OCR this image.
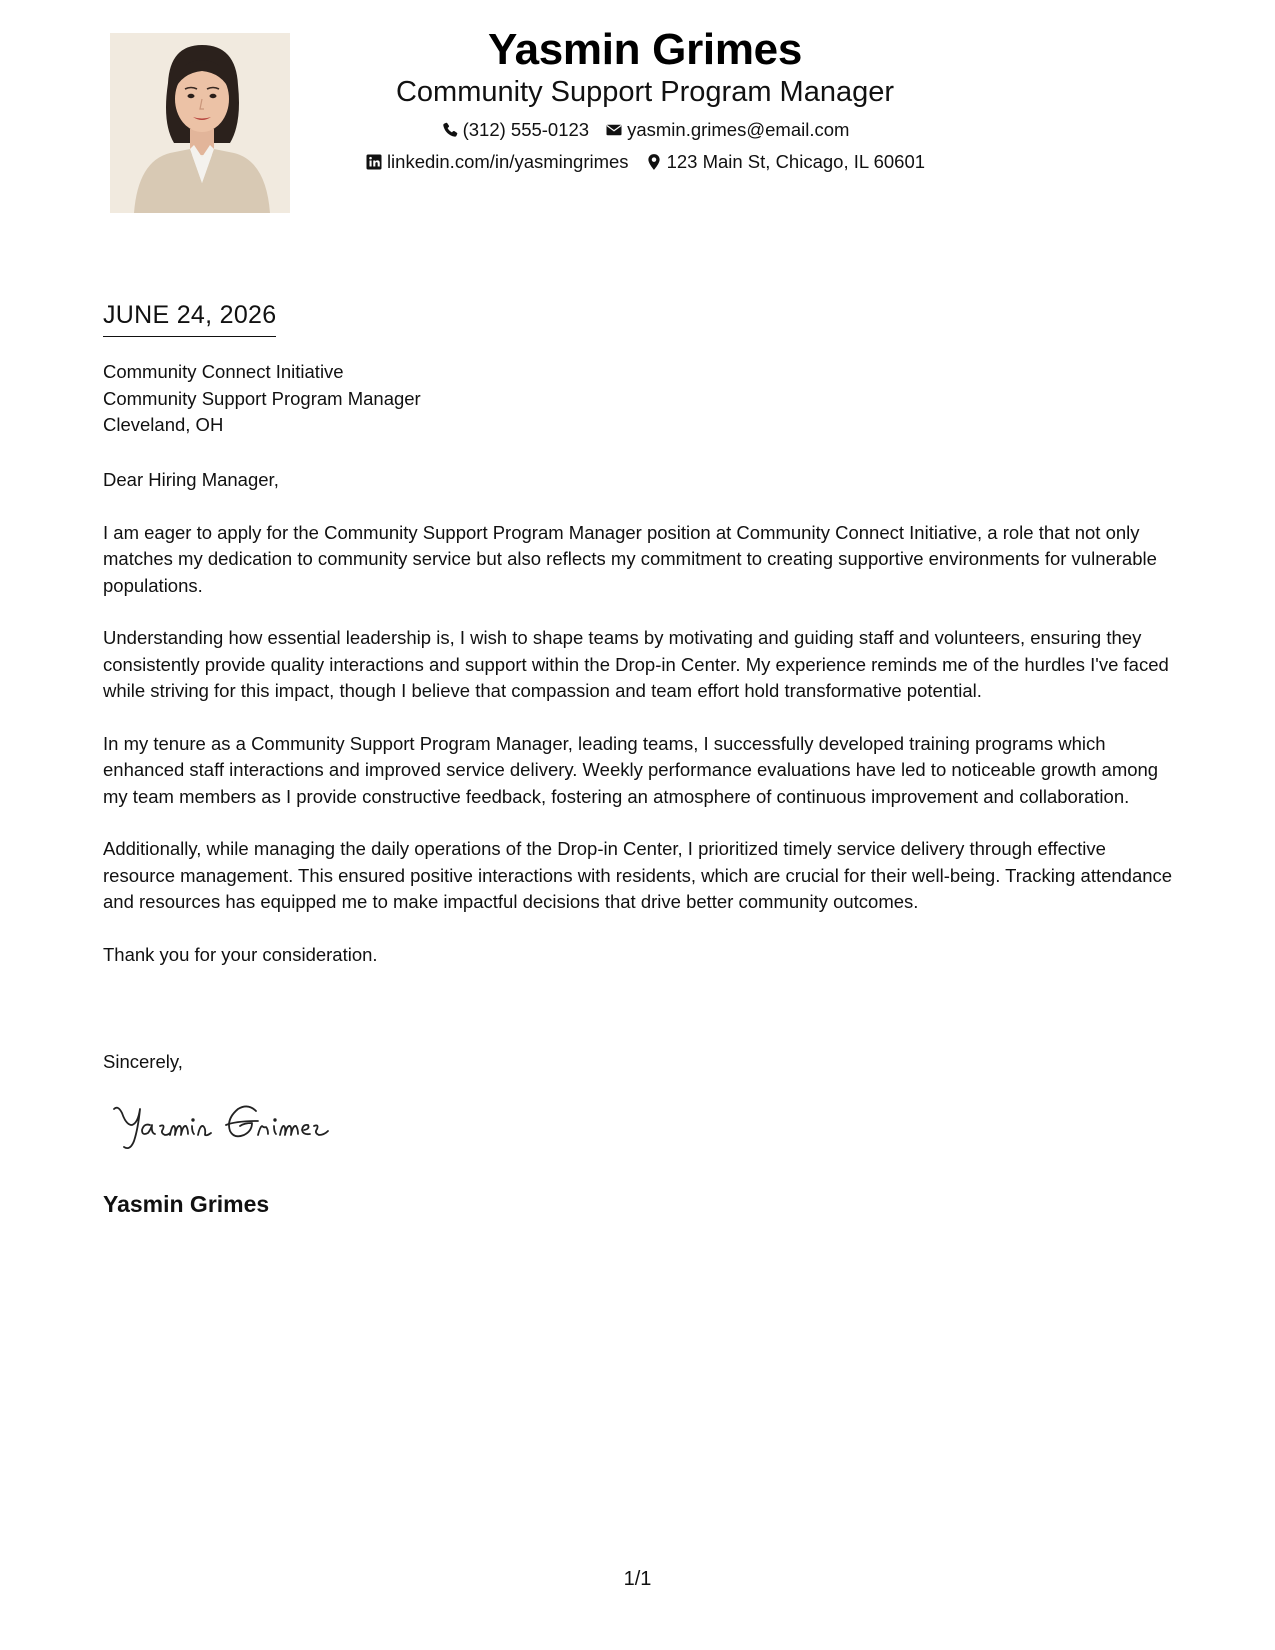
Yasmin Grimes
Community Support Program Manager
(312) 555-0123 yasmin.grimes@email.com
linkedin.com/in/yasmingrimes 123 Main St, Chicago, IL 60601
JUNE 24, 2026
Community Connect Initiative
Community Support Program Manager
Cleveland, OH

Dear Hiring Manager,

I am eager to apply for the Community Support Program Manager position at Community Connect Initiative, a role that not only matches my dedication to community service but also reflects my commitment to creating supportive environments for vulnerable populations.

Understanding how essential leadership is, I wish to shape teams by motivating and guiding staff and volunteers, ensuring they consistently provide quality interactions and support within the Drop-in Center. My experience reminds me of the hurdles I've faced while striving for this impact, though I believe that compassion and team effort hold transformative potential.

In my tenure as a Community Support Program Manager, leading teams, I successfully developed training programs which enhanced staff interactions and improved service delivery. Weekly performance evaluations have led to noticeable growth among my team members as I provide constructive feedback, fostering an atmosphere of continuous improvement and collaboration.

Additionally, while managing the daily operations of the Drop-in Center, I prioritized timely service delivery through effective resource management. This ensured positive interactions with residents, which are crucial for their well-being. Tracking attendance and resources has equipped me to make impactful decisions that drive better community outcomes.

Thank you for your consideration.

Sincerely,
Yasmin Grimes
1/1
